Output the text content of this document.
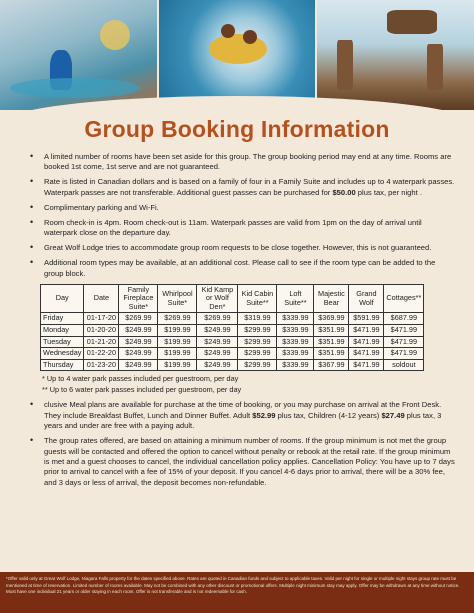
Group Booking Information
• A limited number of rooms have been set aside for this group. The group booking period may end at any time. Rooms are booked 1st come, 1st serve and are not guaranteed.
• Rate is listed in Canadian dollars and is based on a family of four in a Family Suite and includes up to 4 waterpark passes. Waterpark passes are not transferable. Additional guest passes can be purchased for $50.00 plus tax, per night .
• Complimentary parking and Wi-Fi.
• Room check-in is 4pm. Room check-out is 11am. Waterpark passes are valid from 1pm on the day of arrival until waterpark close on the departure day.
• Great Wolf Lodge tries to accommodate group room requests to be close together. However, this is not guaranteed.
• Additional room types may be available, at an additional cost. Please call to see if the room type can be added to the group block.
Day	Date	Family Fireplace Suite*	Whirlpool Suite*	Kid Kamp or Wolf Den*	Kid Cabin Suite**	Loft Suite**	Majestic Bear	Grand Wolf	Cottages**
Friday	01-17-20	$269.99	$269.99	$269.99	$319.99	$339.99	$369.99	$591.99	$687.99
Monday	01-20-20	$249.99	$199.99	$249.99	$299.99	$339.99	$351.99	$471.99	$471.99
Tuesday	01-21-20	$249.99	$199.99	$249.99	$299.99	$339.99	$351.99	$471.99	$471.99
Wednesday	01-22-20	$249.99	$199.99	$249.99	$299.99	$339.99	$351.99	$471.99	$471.99
Thursday	01-23-20	$249.99	$199.99	$249.99	$299.99	$339.99	$367.99	$471.99	soldout
* Up to 4 water park passes included per guestroom, per day
** Up to 6 water park passes included per guestroom, per day
• clusive Meal plans are available for purchase at the time of booking, or you may purchase on arrival at the Front Desk. They include Breakfast Buffet, Lunch and Dinner Buffet. Adult $52.99 plus tax, Children (4-12 years) $27.49 plus tax, 3 years and under are free with a paying adult.
• The group rates offered, are based on attaining a minimum number of rooms. If the group minimum is not met the group guests will be contacted and offered the option to cancel without penalty or rebook at the retail rate. If the group minimum is met and a guest chooses to cancel, the individual cancellation policy applies. Cancellation Policy: You have up to 7 days prior to arrival to cancel with a fee of 15% of your deposit. If you cancel 4-6 days prior to arrival, there will be a 30% fee, and 3 days or less of arrival, the deposit becomes non-refundable.
*Offer valid only at Great Wolf Lodge, Niagara Falls property for the dates specified above. Rates are quoted in Canadian funds and subject to applicable taxes. Valid per night for single or multiple night stays group rate must be mentioned at time of reservation. Limited number of rooms available. May not be combined with any other discount or promotional offers. Multiple night minimum stay may apply. Offer may be withdrawn at any time without notice. Must have one individual 21 years or older staying in each room. Offer is not transferable and is not redeemable for cash.
